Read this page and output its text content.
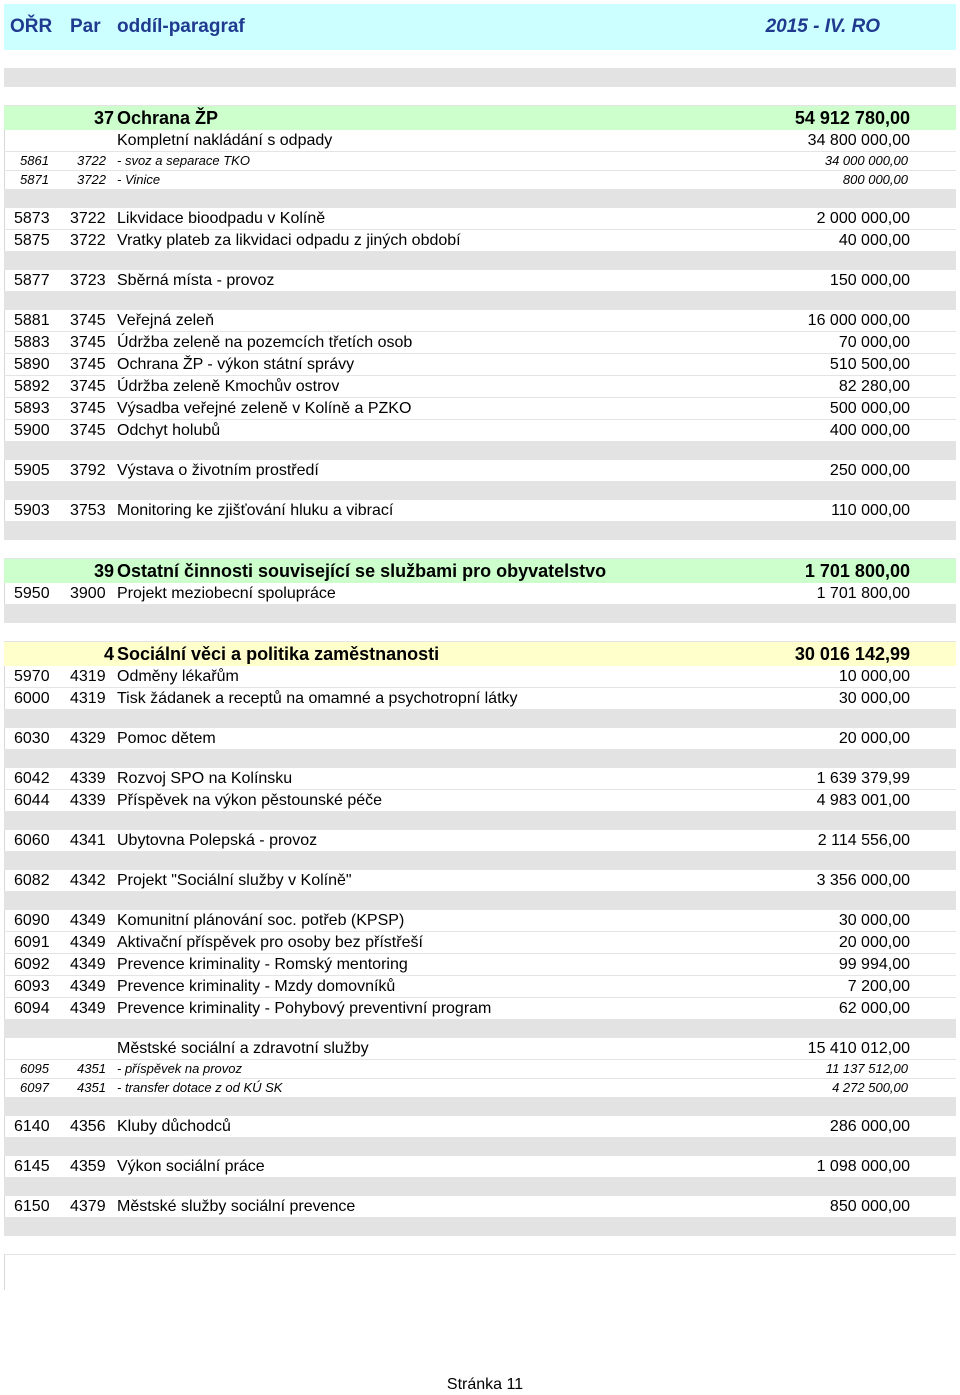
OŘR Par oddíl-paragraf	2015 - IV. RO
37 Ochrana ŽP	54 912 780,00
Kompletní nakládání s odpady	34 800 000,00
5861 3722 - svoz a separace TKO	34 000 000,00
5871 3722 - Vinice	800 000,00
5873 3722 Likvidace bioodpadu v Kolíně	2 000 000,00
5875 3722 Vratky plateb za likvidaci odpadu z jiných období	40 000,00
5877 3723 Sběrná místa - provoz	150 000,00
5881 3745 Veřejná zeleň	16 000 000,00
5883 3745 Údržba zeleně na pozemcích třetích osob	70 000,00
5890 3745 Ochrana ŽP - výkon státní správy	510 500,00
5892 3745 Údržba zeleně Kmochův ostrov	82 280,00
5893 3745 Výsadba veřejné zeleně v Kolíně a PZKO	500 000,00
5900 3745 Odchyt holubů	400 000,00
5905 3792 Výstava o životním prostředí	250 000,00
5903 3753 Monitoring ke zjišťování hluku a vibrací	110 000,00
39 Ostatní činnosti související se službami pro obyvatelstvo	1 701 800,00
5950 3900 Projekt meziobecní spolupráce	1 701 800,00
4 Sociální věci a politika zaměstnanosti	30 016 142,99
5970 4319 Odměny lékařům	10 000,00
6000 4319 Tisk žádanek a receptů na omamné a psychotropní látky	30 000,00
6030 4329 Pomoc dětem	20 000,00
6042 4339 Rozvoj SPO na Kolínsku	1 639 379,99
6044 4339 Příspěvek na výkon pěstounské péče	4 983 001,00
6060 4341 Ubytovna Polepská - provoz	2 114 556,00
6082 4342 Projekt "Sociální služby v Kolíně"	3 356 000,00
6090 4349 Komunitní plánování soc. potřeb (KPSP)	30 000,00
6091 4349 Aktivační příspěvek pro osoby bez přístřeší	20 000,00
6092 4349 Prevence kriminality - Romský mentoring	99 994,00
6093 4349 Prevence kriminality - Mzdy domovníků	7 200,00
6094 4349 Prevence kriminality - Pohybový preventivní program	62 000,00
Městské sociální a zdravotní služby	15 410 012,00
6095 4351 - příspěvek na provoz	11 137 512,00
6097 4351 - transfer dotace z od KÚ SK	4 272 500,00
6140 4356 Kluby důchodců	286 000,00
6145 4359 Výkon sociální práce	1 098 000,00
6150 4379 Městské služby sociální prevence	850 000,00
Stránka 11
